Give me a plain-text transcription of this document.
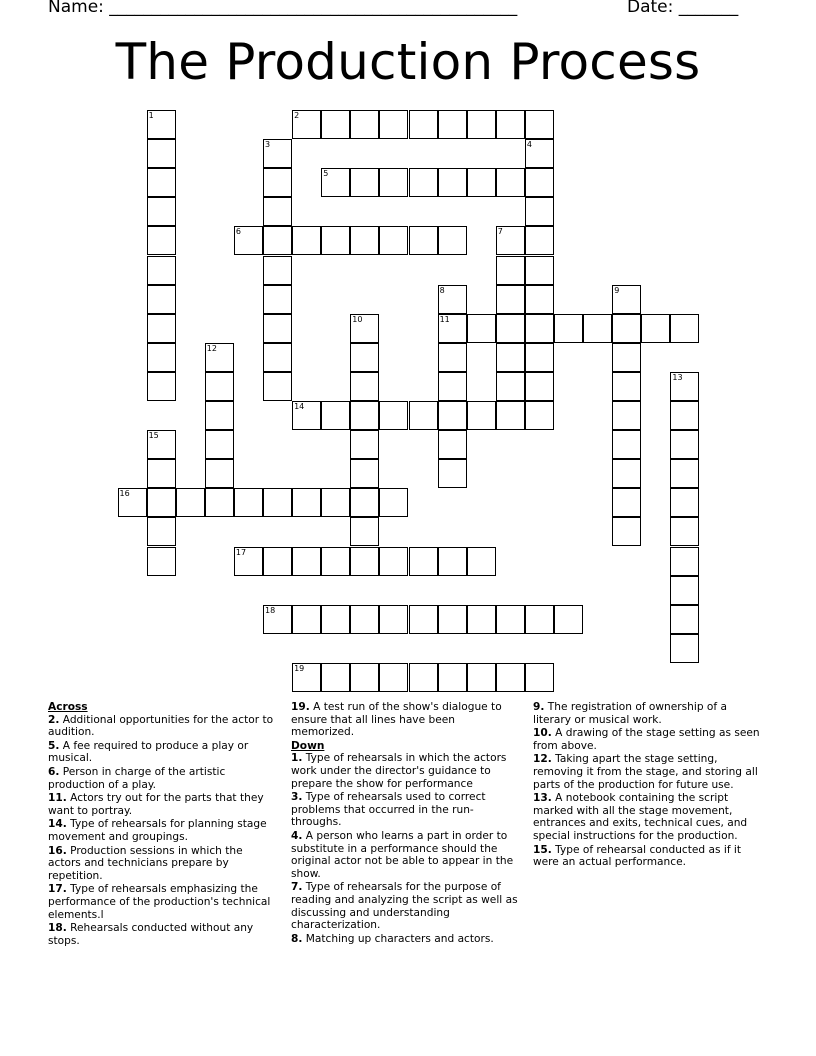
Name: ________________________________________________	Date: _______
The Production Process
1	2
3	4
5
6	7
8
11
9
10
12
13
14
15
16
17
18
19
Across
2. Additional opportunities for the actor to audition.
5. A fee required to produce a play or musical.
6. Person in charge of the artistic production of a play.
11. Actors try out for the parts that they want to portray.
14. Type of rehearsals for planning stage movement and groupings.
16. Production sessions in which the actors and technicians prepare by repetition.
17. Type of rehearsals emphasizing the performance of the production's technical elements.l
18. Rehearsals conducted without any stops.
19. A test run of the show's dialogue to ensure that all lines have been memorized.
Down
1. Type of rehearsals in which the actors work under the director's guidance to prepare the show for performance
3. Type of rehearsals used to correct problems that occurred in the run-throughs.
4. A person who learns a part in order to substitute in a performance should the original actor not be able to appear in the show.
7. Type of rehearsals for the purpose of reading and analyzing the script as well as discussing and understanding characterization.
8. Matching up characters and actors.
9. The registration of ownership of a literary or musical work.
10. A drawing of the stage setting as seen from above.
12. Taking apart the stage setting, removing it from the stage, and storing all parts of the production for future use.
13. A notebook containing the script marked with all the stage movement, entrances and exits, technical cues, and special instructions for the production.
15. Type of rehearsal conducted as if it were an actual performance.
